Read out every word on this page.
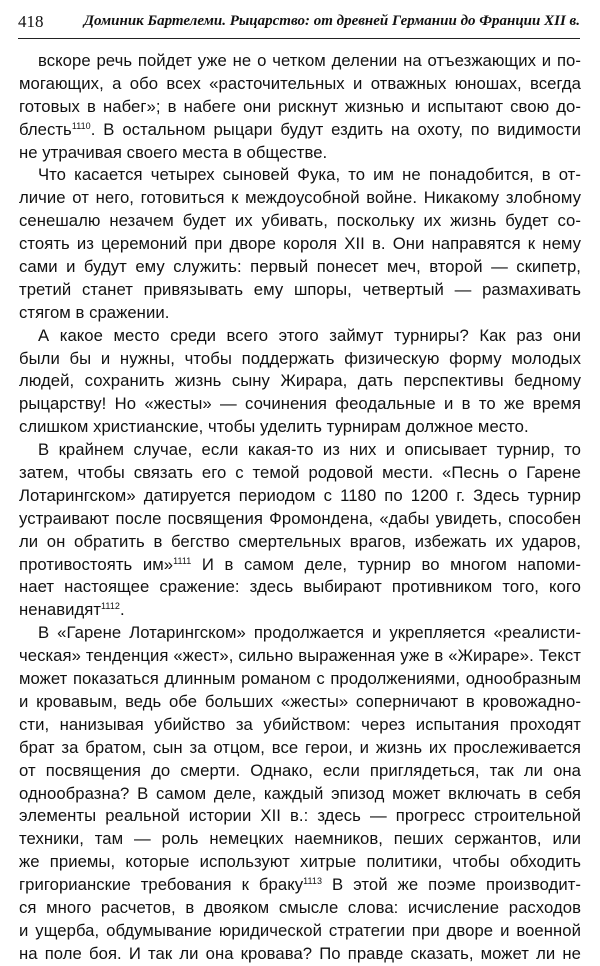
418	Доминик Бартелеми. Рыцарство: от древней Германии до Франции XII в.
вскоре речь пойдет уже не о четком делении на отъезжающих и по-
могающих, а обо всех «расточительных и отважных юношах, всегда
готовых в набег»; в набеге они рискнут жизнью и испытают свою до-
блесть$^{1110}$. В остальном рыцари будут ездить на охоту, по видимости
не утрачивая своего места в обществе.
Что касается четырех сыновей Фука, то им не понадобится, в от-
личие от него, готовиться к междоусобной войне. Никакому злобному
сенешалю незачем будет их убивать, поскольку их жизнь будет со-
стоять из церемоний при дворе короля XII в. Они направятся к нему
сами и будут ему служить: первый понесет меч, второй — скипетр,
третий станет привязывать ему шпоры, четвертый — размахивать
стягом в сражении.
А какое место среди всего этого займут турниры? Как раз они
были бы и нужны, чтобы поддержать физическую форму молодых
людей, сохранить жизнь сыну Жирара, дать перспективы бедному
рыцарству! Но «жесты» — сочинения феодальные и в то же время
слишком христианские, чтобы уделить турнирам должное место.
В крайнем случае, если какая-то из них и описывает турнир, то
затем, чтобы связать его с темой родовой мести. «Песнь о Гарене
Лотарингском» датируется периодом с 1180 по 1200 г. Здесь турнир
устраивают после посвящения Фромондена, «дабы увидеть, способен
ли он обратить в бегство смертельных врагов, избежать их ударов,
противостоять им»$^{1111}$ И в самом деле, турнир во многом напоми-
нает настоящее сражение: здесь выбирают противником того, кого
ненавидят$^{1112}$.
В «Гарене Лотарингском» продолжается и укрепляется «реалисти-
ческая» тенденция «жест», сильно выраженная уже в «Жираре». Текст
может показаться длинным романом с продолжениями, однообразным
и кровавым, ведь обе больших «жесты» соперничают в кровожадно-
сти, нанизывая убийство за убийством: через испытания проходят
брат за братом, сын за отцом, все герои, и жизнь их прослеживается
от посвящения до смерти. Однако, если приглядеться, так ли она
однообразна? В самом деле, каждый эпизод может включать в себя
элементы реальной истории XII в.: здесь — прогресс строительной
техники, там — роль немецких наемников, пеших сержантов, или
же приемы, которые используют хитрые политики, чтобы обходить
григорианские требования к браку$^{1113}$ В этой же поэме производит-
ся много расчетов, в двояком смысле слова: исчисление расходов
и ущерба, обдумывание юридической стратегии при дворе и военной
на поле боя. И так ли она кровава? По правде сказать, может ли не
